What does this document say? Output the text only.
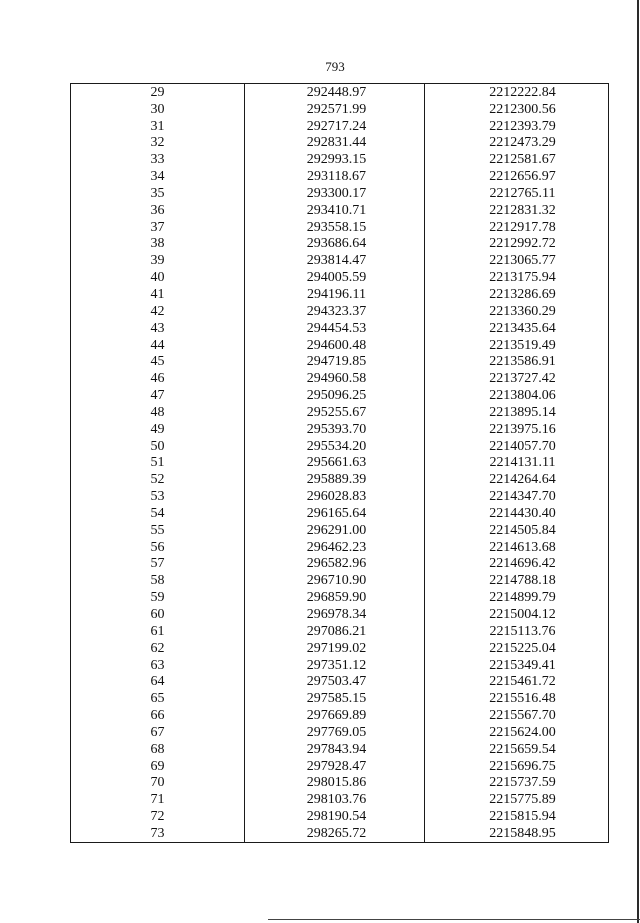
793
29	292448.97	2212222.84
30	292571.99	2212300.56
31	292717.24	2212393.79
32	292831.44	2212473.29
33	292993.15	2212581.67
34	293118.67	2212656.97
35	293300.17	2212765.11
36	293410.71	2212831.32
37	293558.15	2212917.78
38	293686.64	2212992.72
39	293814.47	2213065.77
40	294005.59	2213175.94
41	294196.11	2213286.69
42	294323.37	2213360.29
43	294454.53	2213435.64
44	294600.48	2213519.49
45	294719.85	2213586.91
46	294960.58	2213727.42
47	295096.25	2213804.06
48	295255.67	2213895.14
49	295393.70	2213975.16
50	295534.20	2214057.70
51	295661.63	2214131.11
52	295889.39	2214264.64
53	296028.83	2214347.70
54	296165.64	2214430.40
55	296291.00	2214505.84
56	296462.23	2214613.68
57	296582.96	2214696.42
58	296710.90	2214788.18
59	296859.90	2214899.79
60	296978.34	2215004.12
61	297086.21	2215113.76
62	297199.02	2215225.04
63	297351.12	2215349.41
64	297503.47	2215461.72
65	297585.15	2215516.48
66	297669.89	2215567.70
67	297769.05	2215624.00
68	297843.94	2215659.54
69	297928.47	2215696.75
70	298015.86	2215737.59
71	298103.76	2215775.89
72	298190.54	2215815.94
73	298265.72	2215848.95
